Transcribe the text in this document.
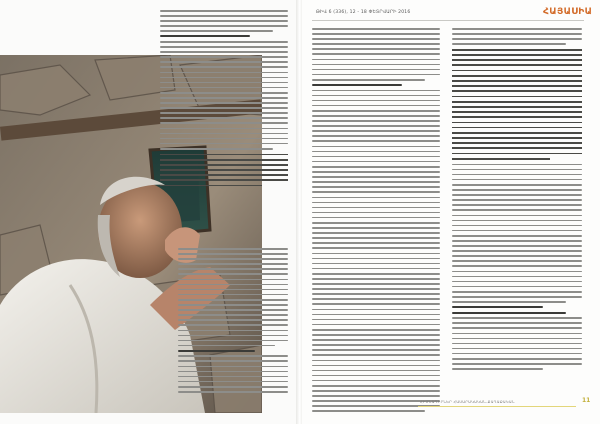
ԹԻՎ 6 (336), 12 - 18 ՓԵՏՐՎԱՐԻ 2016	ՀԱՅԱՍԻԱ
ՀԻՄՆԱԴԻՐՆԵՐ ՀԱՍԱՐԱԿԱԿԱՆ-ՔԱՂԱՔԱԿԱՆ	11
